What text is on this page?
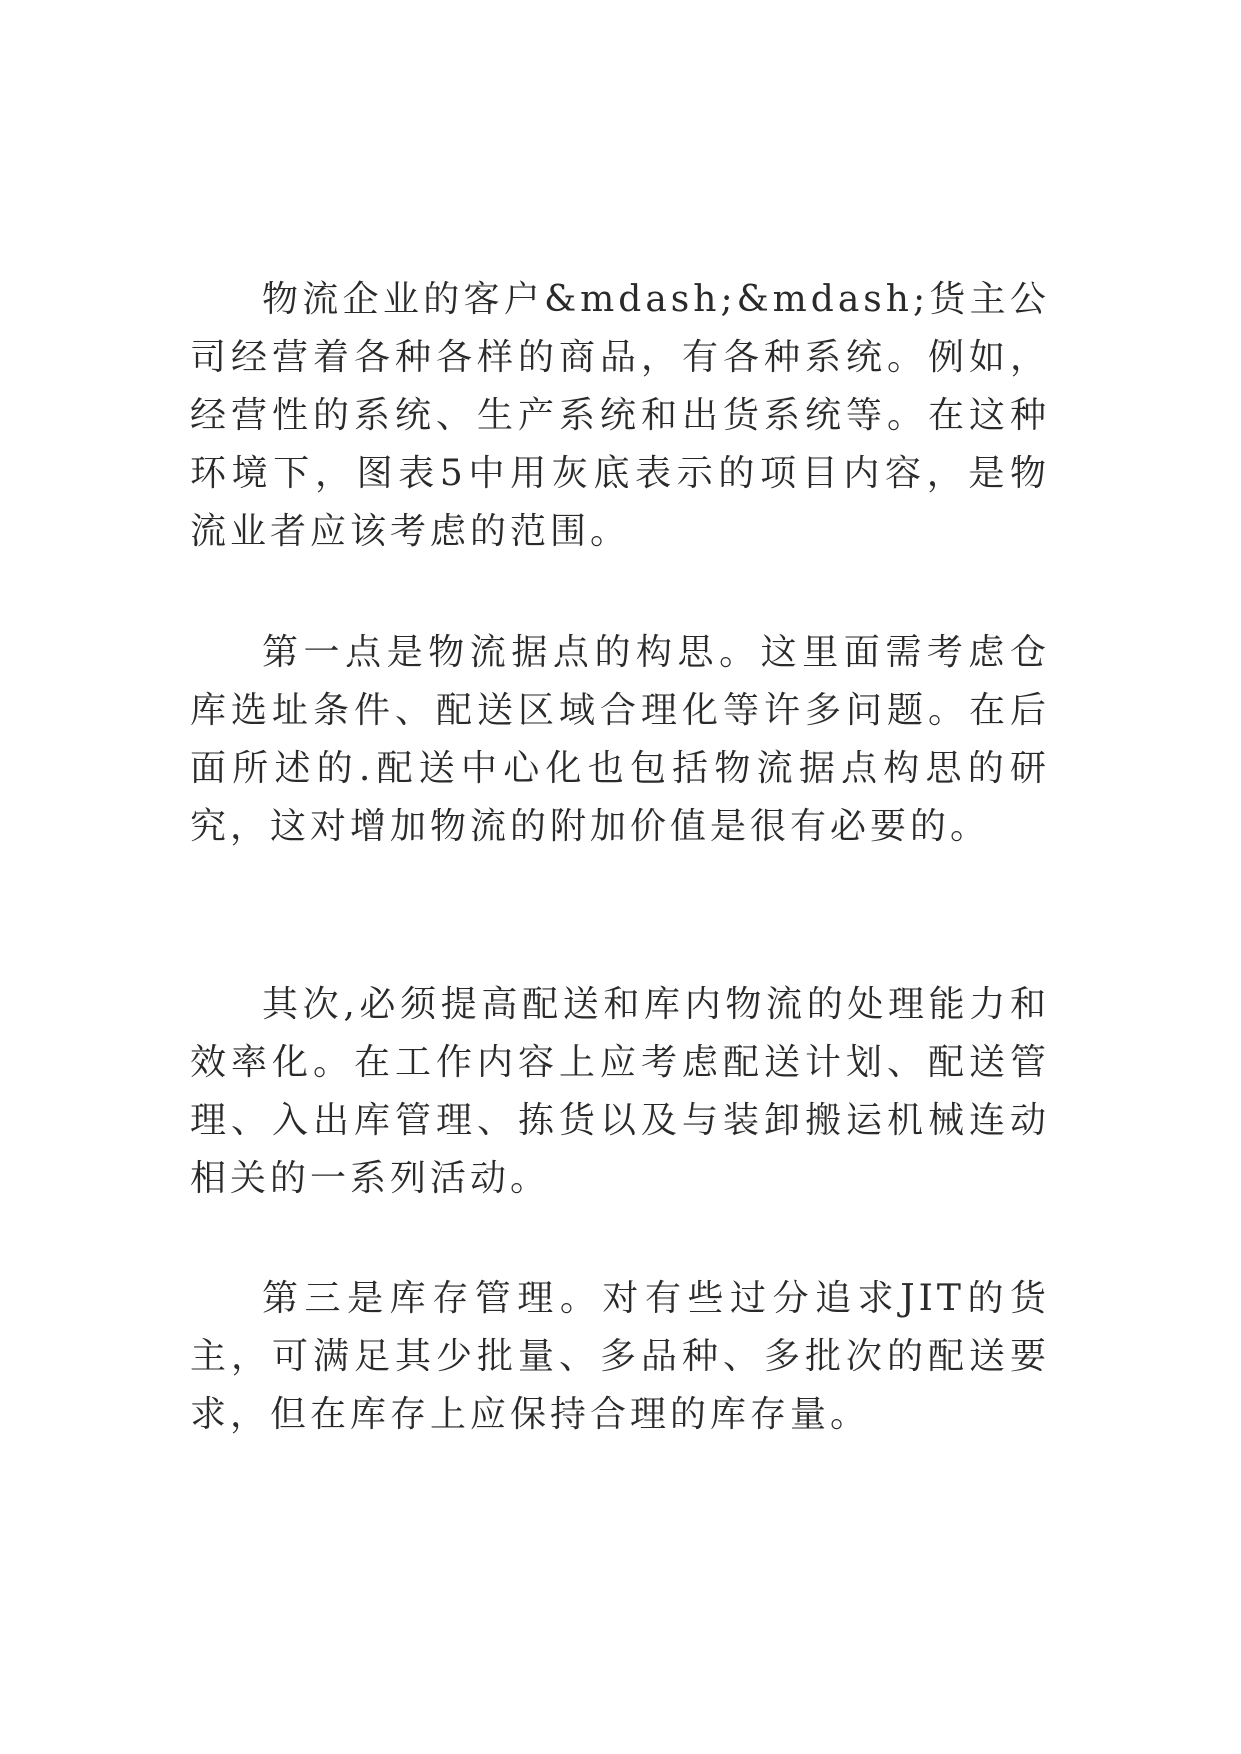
物流企业的客户&mdash;&mdash;货主公司经营着各种各样的商品，有各种系统。例如，经营性的系统、生产系统和出货系统等。在这种环境下，图表5中用灰底表示的项目内容，是物流业者应该考虑的范围。

第一点是物流据点的构思。这里面需考虑仓库选址条件、配送区域合理化等许多问题。在后面所述的.配送中心化也包括物流据点构思的研究，这对增加物流的附加价值是很有必要的。

其次,必须提高配送和库内物流的处理能力和效率化。在工作内容上应考虑配送计划、配送管理、入出库管理、拣货以及与装卸搬运机械连动相关的一系列活动。

第三是库存管理。对有些过分追求JIT的货主，可满足其少批量、多品种、多批次的配送要求，但在库存上应保持合理的库存量。
